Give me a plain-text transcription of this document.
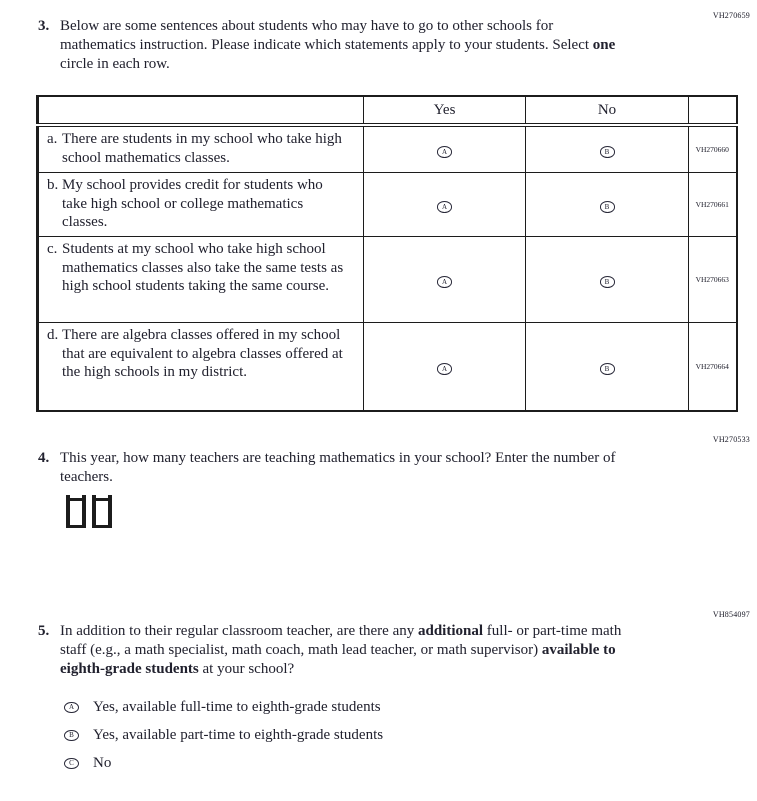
VH270659
3. Below are some sentences about students who may have to go to other schools for mathematics instruction. Please indicate which statements apply to your students. Select one circle in each row.
	Yes	No	

a. There are students in my school who take high school mathematics classes.	A	B	VH270660

b. My school provides credit for students who take high school or college mathematics classes.	A	B	VH270661

c. Students at my school who take high school mathematics classes also take the same tests as high school students taking the same course.	A	B	VH270663

d. There are algebra classes offered in my school that are equivalent to algebra classes offered at the high schools in my district.	A	B	VH270664
VH270533
4. This year, how many teachers are teaching mathematics in your school? Enter the number of teachers.
VH854097
5. In addition to their regular classroom teacher, are there any additional full- or part-time math staff (e.g., a math specialist, math coach, math lead teacher, or math supervisor) available to eighth-grade students at your school?
A	Yes, available full-time to eighth-grade students
B	Yes, available part-time to eighth-grade students
C	No
